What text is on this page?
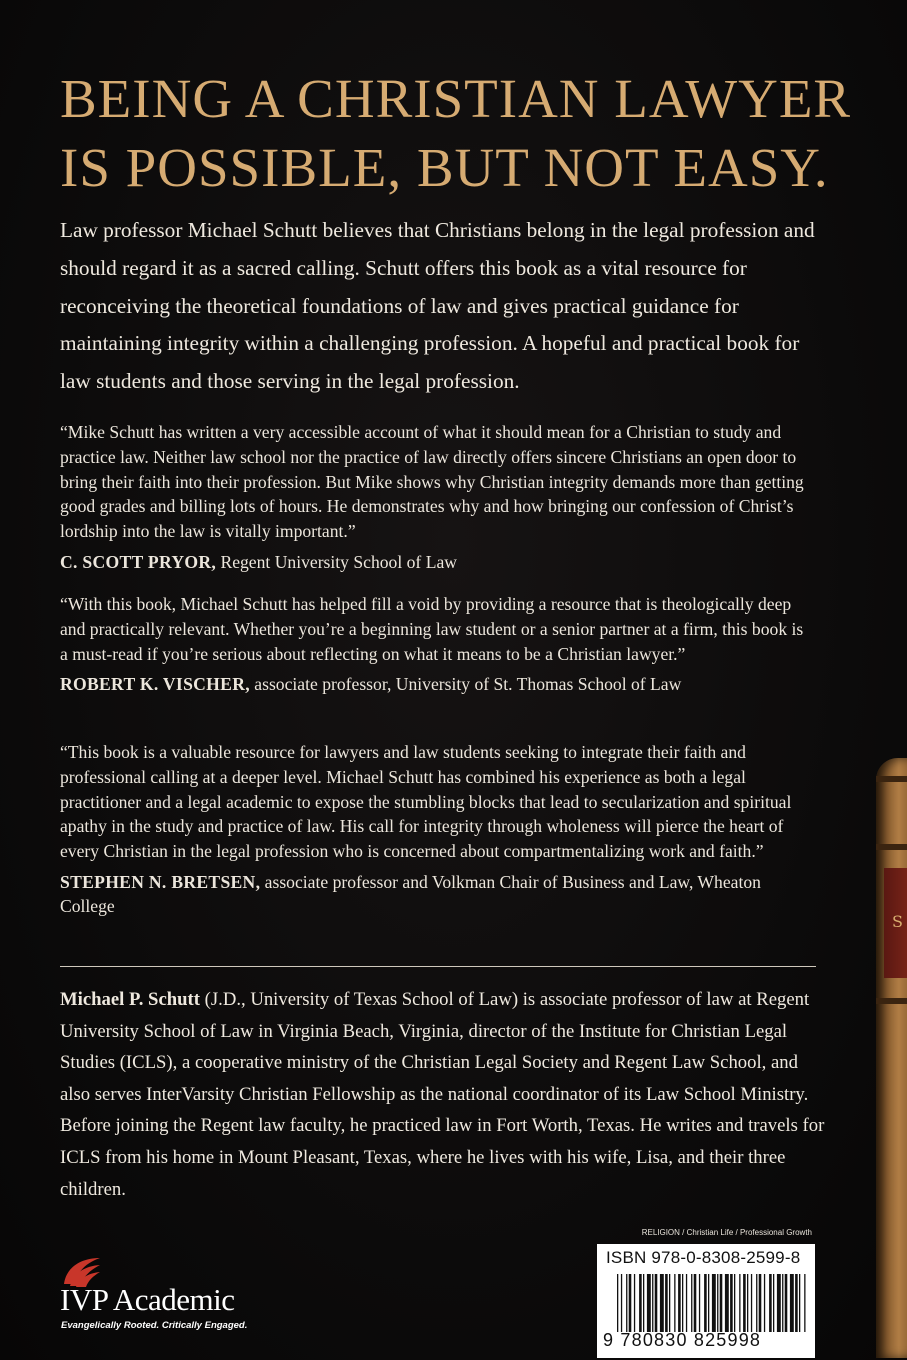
BEING A CHRISTIAN LAWYER
IS POSSIBLE, BUT NOT EASY.

Law professor Michael Schutt believes that Christians belong in the legal profession and should regard it as a sacred calling. Schutt offers this book as a vital resource for reconceiving the theoretical foundations of law and gives practical guidance for maintaining integrity within a challenging profession. A hopeful and practical book for law students and those serving in the legal profession.

“Mike Schutt has written a very accessible account of what it should mean for a Christian to study and practice law. Neither law school nor the practice of law directly offers sincere Christians an open door to bring their faith into their profession. But Mike shows why Christian integrity demands more than getting good grades and billing lots of hours. He demonstrates why and how bringing our confession of Christ’s lordship into the law is vitally important.”

C. SCOTT PRYOR, Regent University School of Law

“With this book, Michael Schutt has helped fill a void by providing a resource that is theologically deep and practically relevant. Whether you’re a beginning law student or a senior partner at a firm, this book is a must-read if you’re serious about reflecting on what it means to be a Christian lawyer.”

ROBERT K. VISCHER, associate professor, University of St. Thomas School of Law

“This book is a valuable resource for lawyers and law students seeking to integrate their faith and professional calling at a deeper level. Michael Schutt has combined his experience as both a legal practitioner and a legal academic to expose the stumbling blocks that lead to secularization and spiritual apathy in the study and practice of law. His call for integrity through wholeness will pierce the heart of every Christian in the legal profession who is concerned about compartmentalizing work and faith.”

STEPHEN N. BRETSEN, associate professor and Volkman Chair of Business and Law, Wheaton College

Michael P. Schutt (J.D., University of Texas School of Law) is associate professor of law at Regent University School of Law in Virginia Beach, Virginia, director of the Institute for Christian Legal Studies (ICLS), a cooperative ministry of the Christian Legal Society and Regent Law School, and also serves InterVarsity Christian Fellowship as the national coordinator of its Law School Ministry. Before joining the Regent law faculty, he practiced law in Fort Worth, Texas. He writes and travels for ICLS from his home in Mount Pleasant, Texas, where he lives with his wife, Lisa, and their three children.

S
RELIGION / Christian Life / Professional Growth
ISBN 978-0-8308-2599-8
9 780830 825998
IVP Academic
Evangelically Rooted. Critically Engaged.
